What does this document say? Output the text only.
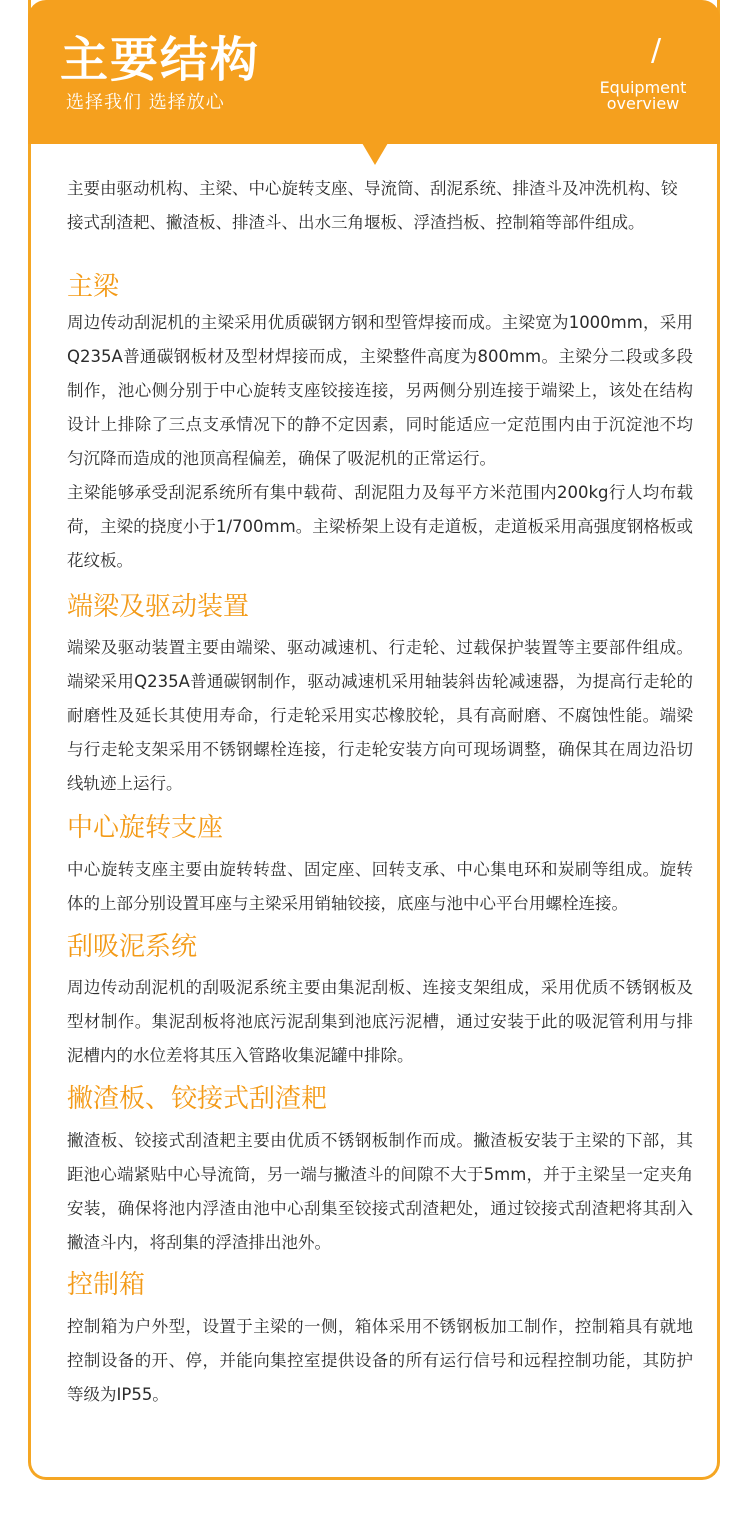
主要结构
选择我们 选择放心
/
Equipment
overview

主要由驱动机构、主梁、中心旋转支座、导流筒、刮泥系统、排渣斗及冲洗机构、铰接式刮渣耙、撇渣板、排渣斗、出水三角堰板、浮渣挡板、控制箱等部件组成。

主梁

周边传动刮泥机的主梁采用优质碳钢方钢和型管焊接而成。主梁宽为1000mm，采用Q235A普通碳钢板材及型材焊接而成，主梁整件高度为800mm。主梁分二段或多段制作，池心侧分别于中心旋转支座铰接连接，另两侧分别连接于端梁上，该处在结构设计上排除了三点支承情况下的静不定因素，同时能适应一定范围内由于沉淀池不均匀沉降而造成的池顶高程偏差，确保了吸泥机的正常运行。

主梁能够承受刮泥系统所有集中载荷、刮泥阻力及每平方米范围内200kg行人均布载荷，主梁的挠度小于1/700mm。主梁桥架上设有走道板，走道板采用高强度钢格板或花纹板。

端梁及驱动装置

端梁及驱动装置主要由端梁、驱动减速机、行走轮、过载保护装置等主要部件组成。端梁采用Q235A普通碳钢制作，驱动减速机采用轴装斜齿轮减速器，为提高行走轮的耐磨性及延长其使用寿命，行走轮采用实芯橡胶轮，具有高耐磨、不腐蚀性能。端梁与行走轮支架采用不锈钢螺栓连接，行走轮安装方向可现场调整，确保其在周边沿切线轨迹上运行。

中心旋转支座

中心旋转支座主要由旋转转盘、固定座、回转支承、中心集电环和炭刷等组成。旋转体的上部分别设置耳座与主梁采用销轴铰接，底座与池中心平台用螺栓连接。

刮吸泥系统

周边传动刮泥机的刮吸泥系统主要由集泥刮板、连接支架组成，采用优质不锈钢板及型材制作。集泥刮板将池底污泥刮集到池底污泥槽，通过安装于此的吸泥管利用与排泥槽内的水位差将其压入管路收集泥罐中排除。

撇渣板、铰接式刮渣耙

撇渣板、铰接式刮渣耙主要由优质不锈钢板制作而成。撇渣板安装于主梁的下部，其距池心端紧贴中心导流筒，另一端与撇渣斗的间隙不大于5mm，并于主梁呈一定夹角安装，确保将池内浮渣由池中心刮集至铰接式刮渣耙处，通过铰接式刮渣耙将其刮入撇渣斗内，将刮集的浮渣排出池外。

控制箱

控制箱为户外型，设置于主梁的一侧，箱体采用不锈钢板加工制作，控制箱具有就地控制设备的开、停，并能向集控室提供设备的所有运行信号和远程控制功能，其防护等级为IP55。
